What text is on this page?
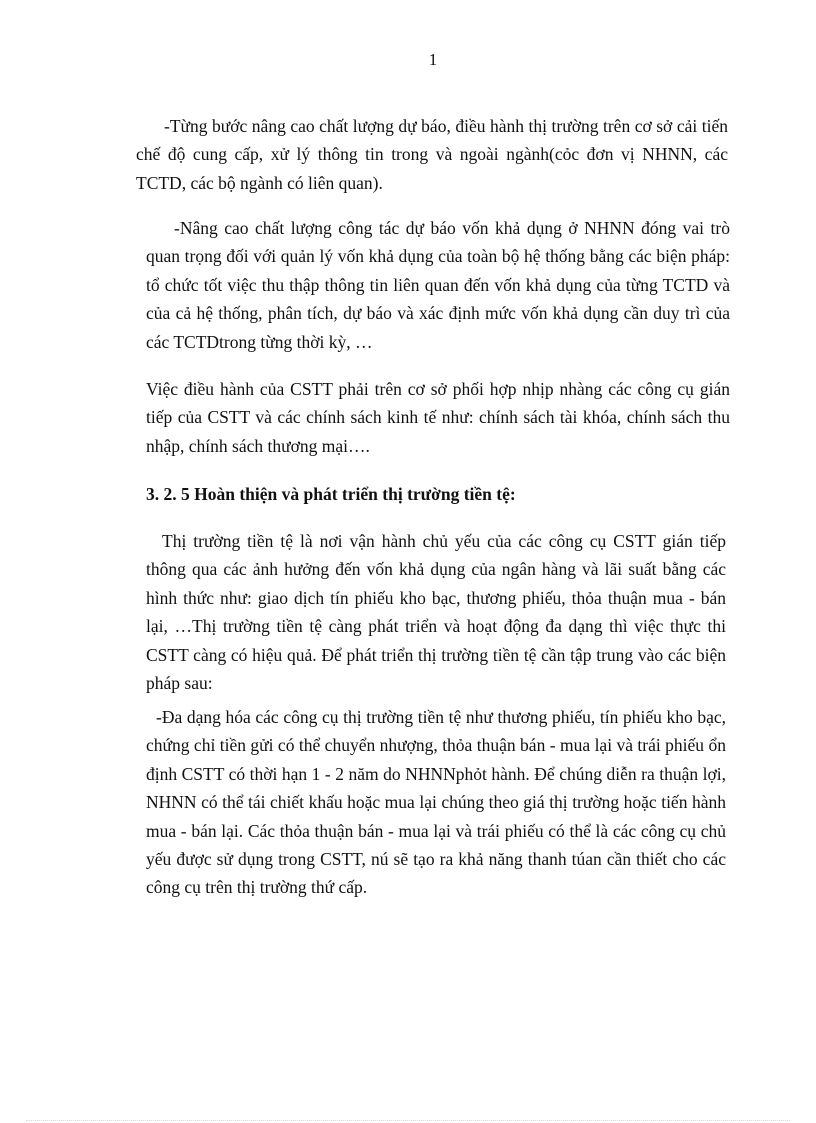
1

-Từng bước nâng cao chất lượng dự báo, điều hành thị trường trên cơ sở cải tiến chế độ cung cấp, xử lý thông tin trong và ngoài ngành(cỏc đơn vị NHNN, các TCTD, các bộ ngành có liên quan).

-Nâng cao chất lượng công tác dự báo vốn khả dụng ở NHNN đóng vai trò quan trọng đối với quản lý vốn khả dụng của toàn bộ hệ thống bằng các biện pháp: tổ chức tốt việc thu thập thông tin liên quan đến vốn khả dụng của từng TCTD và của cả hệ thống, phân tích, dự báo và xác định mức vốn khả dụng cần duy trì của các TCTDtrong từng thời kỳ, …

Việc điều hành của CSTT phải trên cơ sở phối hợp nhịp nhàng các công cụ gián tiếp của CSTT và các chính sách kinh tế như: chính sách tài khóa, chính sách thu nhập, chính sách thương mại….

3. 2. 5 Hoàn thiện và phát triển thị trường tiền tệ:

Thị trường tiền tệ là nơi vận hành chủ yếu của các công cụ CSTT gián tiếp thông qua các ảnh hưởng đến vốn khả dụng của ngân hàng và lãi suất bằng các hình thức như: giao dịch tín phiếu kho bạc, thương phiếu, thỏa thuận mua - bán lại, …Thị trường tiền tệ càng phát triển và hoạt động đa dạng thì việc thực thi CSTT càng có hiệu quả. Để phát triển thị trường tiền tệ cần tập trung vào các biện pháp sau:

-Đa dạng hóa các công cụ thị trường tiền tệ như thương phiếu, tín phiếu kho bạc, chứng chỉ tiền gửi có thể chuyển nhượng, thỏa thuận bán - mua lại và trái phiếu ổn định CSTT có thời hạn 1 - 2 năm do NHNNphỏt hành. Để chúng diễn ra thuận lợi, NHNN có thể tái chiết khấu hoặc mua lại chúng theo giá thị trường hoặc tiến hành mua - bán lại. Các thỏa thuận bán - mua lại và trái phiếu có thể là các công cụ chủ yếu được sử dụng trong CSTT, nú sẽ tạo ra khả năng thanh túan cần thiết cho các công cụ trên thị trường thứ cấp.
